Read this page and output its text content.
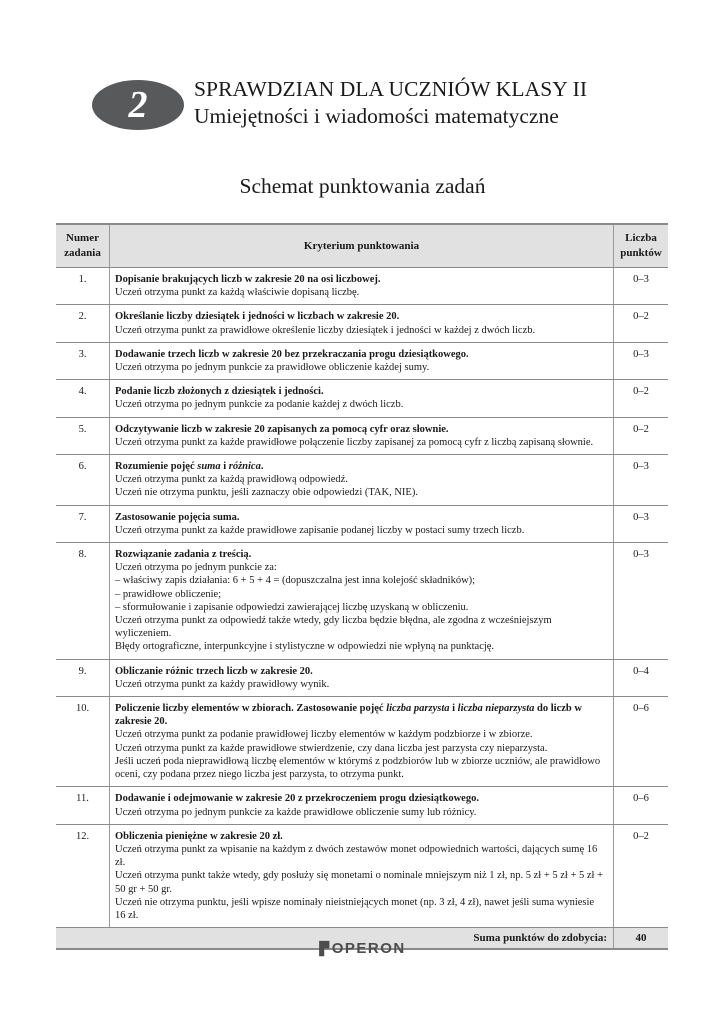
2 SPRAWDZIAN DLA UCZNIÓW KLASY II
Umiejętności i wiadomości matematyczne
Schemat punktowania zadań
Numer zadania
Kryterium punktowania
Liczba punktów
1.	Dopisanie brakujących liczb w zakresie 20 na osi liczbowej.
Uczeń otrzyma punkt za każdą właściwie dopisaną liczbę.
0–3
2.	Określanie liczby dziesiątek i jedności w liczbach w zakresie 20.
Uczeń otrzyma punkt za prawidłowe określenie liczby dziesiątek i jedności w każdej z dwóch liczb.
0–2
3.	Dodawanie trzech liczb w zakresie 20 bez przekraczania progu dziesiątkowego.
Uczeń otrzyma po jednym punkcie za prawidłowe obliczenie każdej sumy.
0–3
4.	Podanie liczb złożonych z dziesiątek i jedności.
Uczeń otrzyma po jednym punkcie za podanie każdej z dwóch liczb.
0–2
5.	Odczytywanie liczb w zakresie 20 zapisanych za pomocą cyfr oraz słownie.
Uczeń otrzyma punkt za każde prawidłowe połączenie liczby zapisanej za pomocą cyfr z liczbą zapisaną słownie.
0–2
6.	Rozumienie pojęć suma i różnica.
Uczeń otrzyma punkt za każdą prawidłową odpowiedź.
Uczeń nie otrzyma punktu, jeśli zaznaczy obie odpowiedzi (TAK, NIE).
0–3
7.	Zastosowanie pojęcia suma.
Uczeń otrzyma punkt za każde prawidłowe zapisanie podanej liczby w postaci sumy trzech liczb.
0–3
8.	Rozwiązanie zadania z treścią.
Uczeń otrzyma po jednym punkcie za:
– właściwy zapis działania: 6 + 5 + 4 = (dopuszczalna jest inna kolejość składników);
– prawidłowe obliczenie;
– sformułowanie i zapisanie odpowiedzi zawierającej liczbę uzyskaną w obliczeniu.
Uczeń otrzyma punkt za odpowiedź także wtedy, gdy liczba będzie błędna, ale zgodna z wcześniejszym wyliczeniem.
Błędy ortograficzne, interpunkcyjne i stylistyczne w odpowiedzi nie wpłyną na punktację.
0–3
9.	Obliczanie różnic trzech liczb w zakresie 20.
Uczeń otrzyma punkt za każdy prawidłowy wynik.
0–4
10.	Policzenie liczby elementów w zbiorach. Zastosowanie pojęć liczba parzysta i liczba nieparzysta do liczb w zakresie 20.
Uczeń otrzyma punkt za podanie prawidłowej liczby elementów w każdym podzbiorze i w zbiorze.
Uczeń otrzyma punkt za każde prawidłowe stwierdzenie, czy dana liczba jest parzysta czy nieparzysta.
Jeśli uczeń poda nieprawidłową liczbę elementów w którymś z podzbiorów lub w zbiorze uczniów, ale prawidłowo oceni, czy podana przez niego liczba jest parzysta, to otrzyma punkt.
0–6
11.	Dodawanie i odejmowanie w zakresie 20 z przekroczeniem progu dziesiątkowego.
Uczeń otrzyma po jednym punkcie za każde prawidłowe obliczenie sumy lub różnicy.
0–6
12.	Obliczenia pieniężne w zakresie 20 zł.
Uczeń otrzyma punkt za wpisanie na każdym z dwóch zestawów monet odpowiednich wartości, dających sumę 16 zł.
Uczeń otrzyma punkt także wtedy, gdy posłuży się monetami o nominale mniejszym niż 1 zł, np. 5 zł + 5 zł + 5 zł + 50 gr + 50 gr.
Uczeń nie otrzyma punktu, jeśli wpisze nominały nieistniejących monet (np. 3 zł, 4 zł), nawet jeśli suma wyniesie 16 zł.
0–2
Suma punktów do zdobycia:	40
▛OPERON
